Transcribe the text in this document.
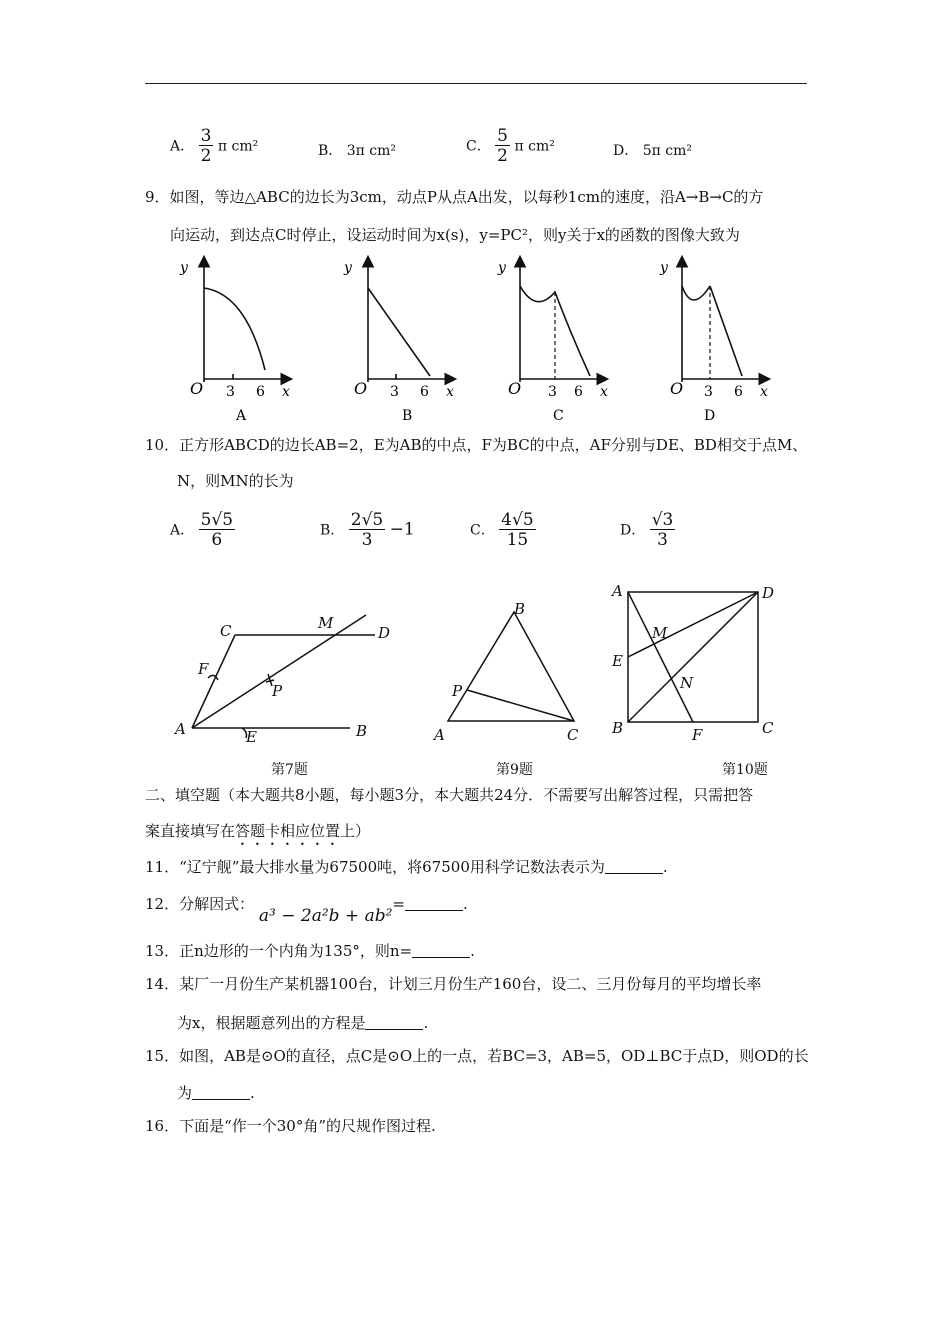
A． $\frac{3}{2}$ π cm²	B． 3π cm²	C． $\frac{5}{2}$ π cm²	D． 5π cm²
9．如图，等边△ABC的边长为3cm，动点P从点A出发，以每秒1cm的速度，沿A→B→C的方
向运动，到达点C时停止，设运动时间为x(s)，y=PC²，则y关于x的函数的图像大致为
y
O 3 6 x
A
y
O 3 6 x
B
y
O 3 6 x
C
y
O 3 6 x
D
10．正方形ABCD的边长AB=2，E为AB的中点，F为BC的中点，AF分别与DE、BD相交于点M、
N，则MN的长为
A． $\frac{5√5}{6}$	B． $\frac{2√5}{3} -1$	C． $\frac{4√5}{15}$	D． $\frac{√3}{3}$
C	M
D
F
P
A	E	B
第7题
B
P
A	C
第9题
A	D
M
E
N
B	F	C
第10题
二、填空题（本大题共8小题，每小题3分，本大题共24分．不需要写出解答过程，只需把答
案直接填写在答题卡相应位置上）
11．“辽宁舰”最大排水量为67500吨，将67500用科学记数法表示为	.
12．分解因式： a³ − 2a²b + ab²=	.
13．正n边形的一个内角为135°，则n=	.
14．某厂一月份生产某机器100台，计划三月份生产160台，设二、三月份每月的平均增长率
为x，根据题意列出的方程是	.
15．如图，AB是⊙O的直径，点C是⊙O上的一点，若BC=3，AB=5，OD⊥BC于点D，则OD的长
为	.
16．下面是“作一个30°角”的尺规作图过程.
